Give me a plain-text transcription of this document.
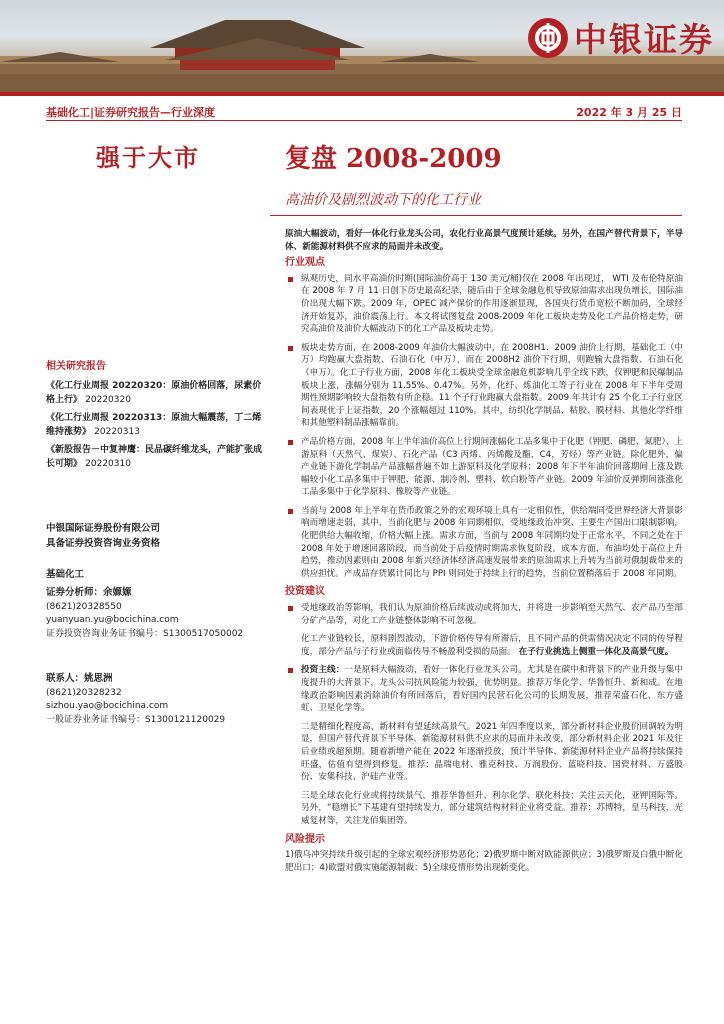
中银证券
基础化工|证券研究报告—行业深度	2022 年 3 月 25 日
强于大市	复盘 2008-2009
高油价及剧烈波动下的化工行业
相关研究报告
《化工行业周报 20220320：原油价格回落，尿素价格上行》 20220320
《化工行业周报 20220313：原油大幅震荡，丁二烯维持涨势》 20220313
《新股报告－中复神鹰：民品碳纤维龙头，产能扩张成长可期》 20220310
中银国际证券股份有限公司
具备证券投资咨询业务资格
基础化工
证券分析师：余嫄嫄
(8621)20328550
yuanyuan.yu@bocichina.com
证券投资咨询业务证书编号：S1300517050002
联系人：姚思洲
(8621)20328232
sizhou.yao@bocichina.com
一般证券业务证书编号：S1300121120029
原油大幅波动，看好一体化行业龙头公司，农化行业高景气度预计延续。另外，在国产替代背景下，半导体、新能源材料供不应求的局面并未改变。
行业观点
纵观历史，同水平高油价时期(国际油价高于 130 美元/桶)仅在 2008 年出现过， WTI 及布伦特原油在 2008 年 7 月 11 日创下历史最高纪录，随后由于全球金融危机导致原油需求出现负增长，国际油价出现大幅下跌。2009 年，OPEC 减产保价的作用逐渐显现，各国央行货币宽松不断加码，全球经济开始复苏，油价震荡上行。本文将试图复盘 2008-2009 年化工板块走势及化工产品价格走势，研究高油价及油价大幅波动下的化工产品及板块走势。
板块走势方面，在 2008-2009 年油价大幅波动中，在 2008H1、2009 油价上行期，基础化工（中万）均跑赢大盘指数、石油石化（申万），而在 2008H2 油价下行期，则跑输大盘指数、石油石化（申万）。化工子行业方面，2008 年化工板块受全球金融危机影响几乎全线下跌，仅钾肥和民爆制品板块上涨，涨幅分别为 11.55%、0.47%。另外，化纤、炼油化工等子行业在 2008 年下半年受周期性预期影响较大盘指数有所企稳。11 个子行业跑赢大盘指数。2009 年共计有 25 个化工子行业区间表现优于上证指数，20 个涨幅超过 110%。其中，纺织化学制品、粘胶、膜材料、其他化学纤维和其他塑料制品涨幅靠前。
产品价格方面，2008 年上半年油价高位上行期间涨幅化工品多集中于化肥（钾肥、磷肥、氮肥）、上游原料（天然气、煤炭）、石化产品（C3 丙烯、丙烯酸及酯，C4，芳烃）等产业链。除化肥外，偏产业链下游化学制品产品涨幅普遍不如上游原料及化学原料；2008 年下半年油价回落期间上涨及跌幅较小化工品多集中于钾肥、能源、制冷剂、塑料、软白粉等产业链。2009 年油价反弹期间涨涨化工品多集中于化学原料、橡胶等产业链。
当前与 2008 年上半年在货币政策之外的宏观环境上具有一定相似性，供给端同受世界经济大背景影响而增速走弱，其中，当前化肥与 2008 年同期相似，受地缘政治冲突、主要生产国出口限制影响，化肥供给大幅收缩，价格大幅上涨。需求方面，当前与 2008 年同期均处于正常水平，不同之处在于 2008 年处于增速回落阶段，而当前处于后疫情时期需求恢复阶段。成本方面，布油均处于高位上升趋势，推动因素则由 2008 年新兴经济体经济高速发展带来的原油需求上升转为当前对俄制裁带来的供应担忧。产成品存货累计同比与 PPI 则同处于持续上行的趋势，当前位置稍落后于 2008 年同期。
投资建议
受地缘政治等影响，我们认为原油价格后续波动或将加大，并将进一步影响至天然气、农产品乃至部分矿产品等，对化工产业链整体影响不可忽视。
化工产业链较长，原料剧烈波动，下游价格传导有所滞后，且不同产品的供需情况决定不同的传导程度，部分产品与子行业或面临传导不畅盈利受损的局面。 在子行业挑选上侧重一体化及高景气度。
投资主线：一是原料大幅波动，看好一体化行业龙头公司。尤其是在碳中和背景下的产业升级与集中度提升的大背景下，龙头公司抗风险能力较强，优势明显。推荐万华化学、华鲁恒升、新和成。在地缘政治影响因素消除油价有所回落后，看好国内民营石化公司的长期发展，推荐荣盛石化、东方盛虹、卫星化学等。
二是精细化程度高，新材料有望延续高景气。2021 年四季度以来，部分新材料企业股价回调较为明显，但国产替代背景下半导体、新能源材料供不应求的局面并未改变，部分新材料企业 2021 年及往后业绩或超预期。随着新增产能在 2022 年逐渐投放，预计半导体、新能源材料企业产品将持续保持旺盛，估值有望得到修复。推荐：晶瑞电材、雅克科技、万润股份、蓝晓科技、国瓷材料、万盛股份、安集科技、沪硅产业等。
三是全球农化行业或将持续景气，推荐华鲁恒升、利尔化学、联化科技；关注云天化，亚钾国际等。另外，“稳增长”下基建有望持续发力，部分建筑结构材料企业将受益。推荐：苏博特，皇马科技，光威复材等，关注龙佰集团等。
风险提示
1)俄乌冲突持续升级引起的全球宏观经济形势恶化；2)俄罗斯中断对欧能源供应；3)俄罗斯及白俄中断化肥出口；4)欧盟对俄实施能源制裁；5)全球疫情形势出现新变化。
